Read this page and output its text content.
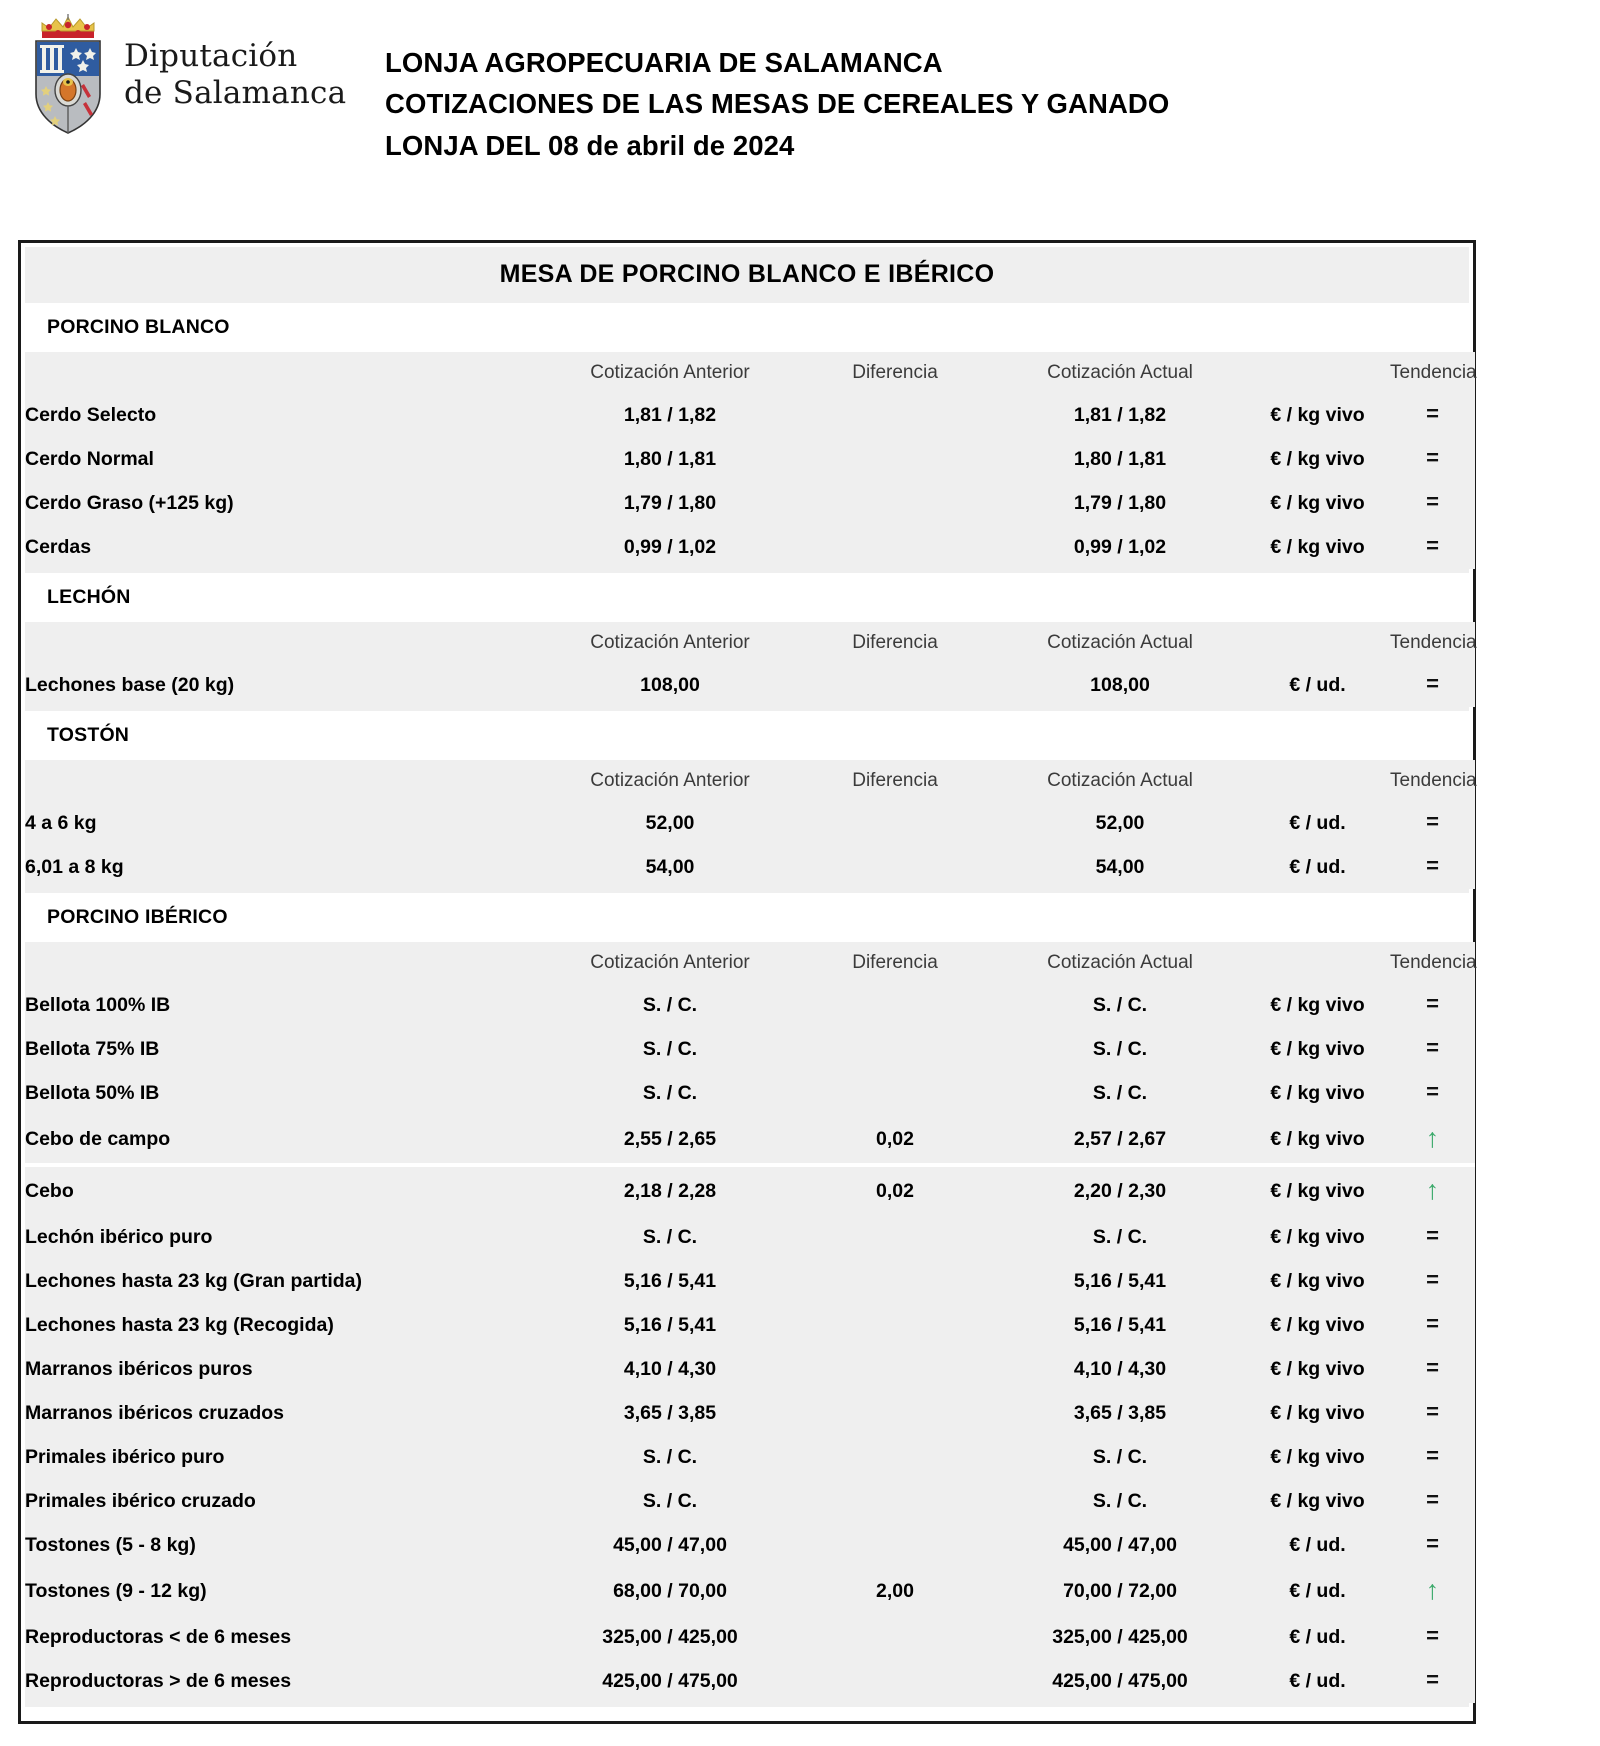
Diputación
de Salamanca
LONJA AGROPECUARIA DE SALAMANCA
COTIZACIONES DE LAS MESAS DE CEREALES Y GANADO
LONJA DEL 08 de abril de 2024
MESA DE PORCINO BLANCO E IBÉRICO
PORCINO BLANCO
	Cotización Anterior	Diferencia	Cotización Actual		Tendencia
Cerdo Selecto	1,81 / 1,82		1,81 / 1,82	€ / kg vivo	=
Cerdo Normal	1,80 / 1,81		1,80 / 1,81	€ / kg vivo	=
Cerdo Graso (+125 kg)	1,79 / 1,80		1,79 / 1,80	€ / kg vivo	=
Cerdas	0,99 / 1,02		0,99 / 1,02	€ / kg vivo	=
LECHÓN
	Cotización Anterior	Diferencia	Cotización Actual		Tendencia
Lechones base (20 kg)	108,00		108,00	€ / ud.	=
TOSTÓN
	Cotización Anterior	Diferencia	Cotización Actual		Tendencia
4 a 6 kg	52,00		52,00	€ / ud.	=
6,01 a 8 kg	54,00		54,00	€ / ud.	=
PORCINO IBÉRICO
	Cotización Anterior	Diferencia	Cotización Actual		Tendencia
Bellota 100% IB	S. / C.		S. / C.	€ / kg vivo	=
Bellota 75% IB	S. / C.		S. / C.	€ / kg vivo	=
Bellota 50% IB	S. / C.		S. / C.	€ / kg vivo	=
Cebo de campo	2,55 / 2,65	0,02	2,57 / 2,67	€ / kg vivo	↑
Cebo	2,18 / 2,28	0,02	2,20 / 2,30	€ / kg vivo	↑
Lechón ibérico puro	S. / C.		S. / C.	€ / kg vivo	=
Lechones hasta 23 kg (Gran partida)	5,16 / 5,41		5,16 / 5,41	€ / kg vivo	=
Lechones hasta 23 kg (Recogida)	5,16 / 5,41		5,16 / 5,41	€ / kg vivo	=
Marranos ibéricos puros	4,10 / 4,30		4,10 / 4,30	€ / kg vivo	=
Marranos ibéricos cruzados	3,65 / 3,85		3,65 / 3,85	€ / kg vivo	=
Primales ibérico puro	S. / C.		S. / C.	€ / kg vivo	=
Primales ibérico cruzado	S. / C.		S. / C.	€ / kg vivo	=
Tostones (5 - 8 kg)	45,00 / 47,00		45,00 / 47,00	€ / ud.	=
Tostones (9 - 12 kg)	68,00 / 70,00	2,00	70,00 / 72,00	€ / ud.	↑
Reproductoras < de 6 meses	325,00 / 425,00		325,00 / 425,00	€ / ud.	=
Reproductoras > de 6 meses	425,00 / 475,00		425,00 / 475,00	€ / ud.	=
